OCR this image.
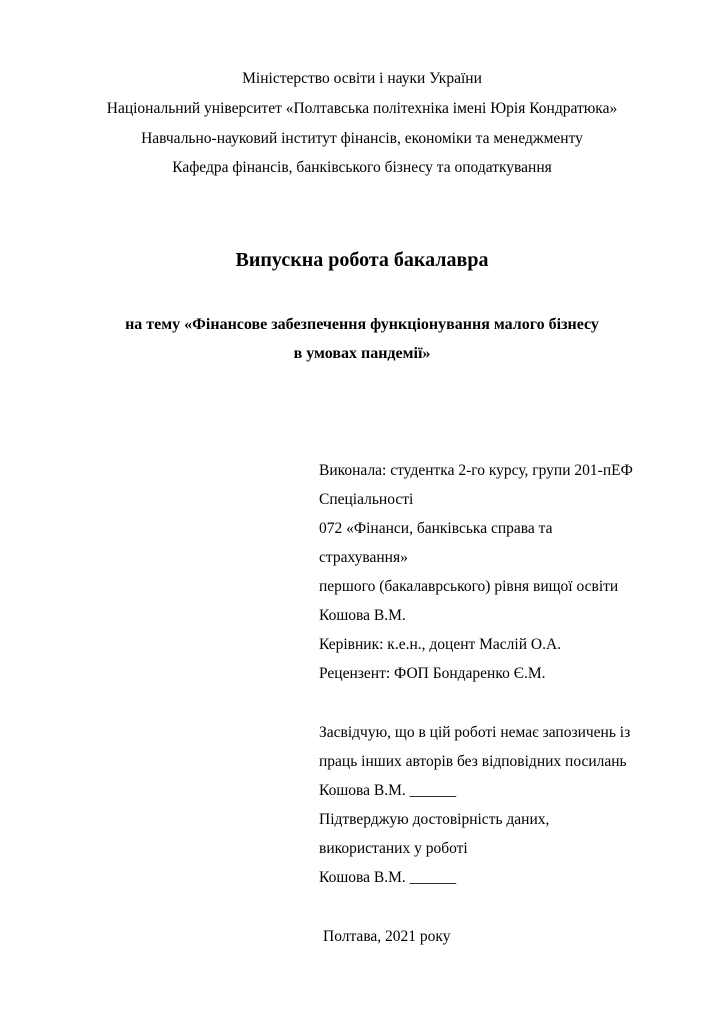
Міністерство освіти і науки України
Національний університет «Полтавська політехніка імені Юрія Кондратюка»
Навчально-науковий інститут фінансів, економіки та менеджменту
Кафедра фінансів, банківського бізнесу та оподаткування
Випускна робота бакалавра
на тему «Фінансове забезпечення функціонування малого бізнесу
в умовах пандемії»
Виконала: студентка 2-го курсу, групи 201-пЕФ
Спеціальності
072 «Фінанси, банківська справа та
страхування»
першого (бакалаврського) рівня вищої освіти
Кошова В.М.
Керівник: к.е.н., доцент Маслій О.А.
Рецензент: ФОП Бондаренко Є.М.
Засвідчую, що в цій роботі немає запозичень із
праць інших авторів без відповідних посилань
Кошова В.М. ______
Підтверджую достовірність даних,
використаних у роботі
Кошова В.М. ______
Полтава, 2021 року
